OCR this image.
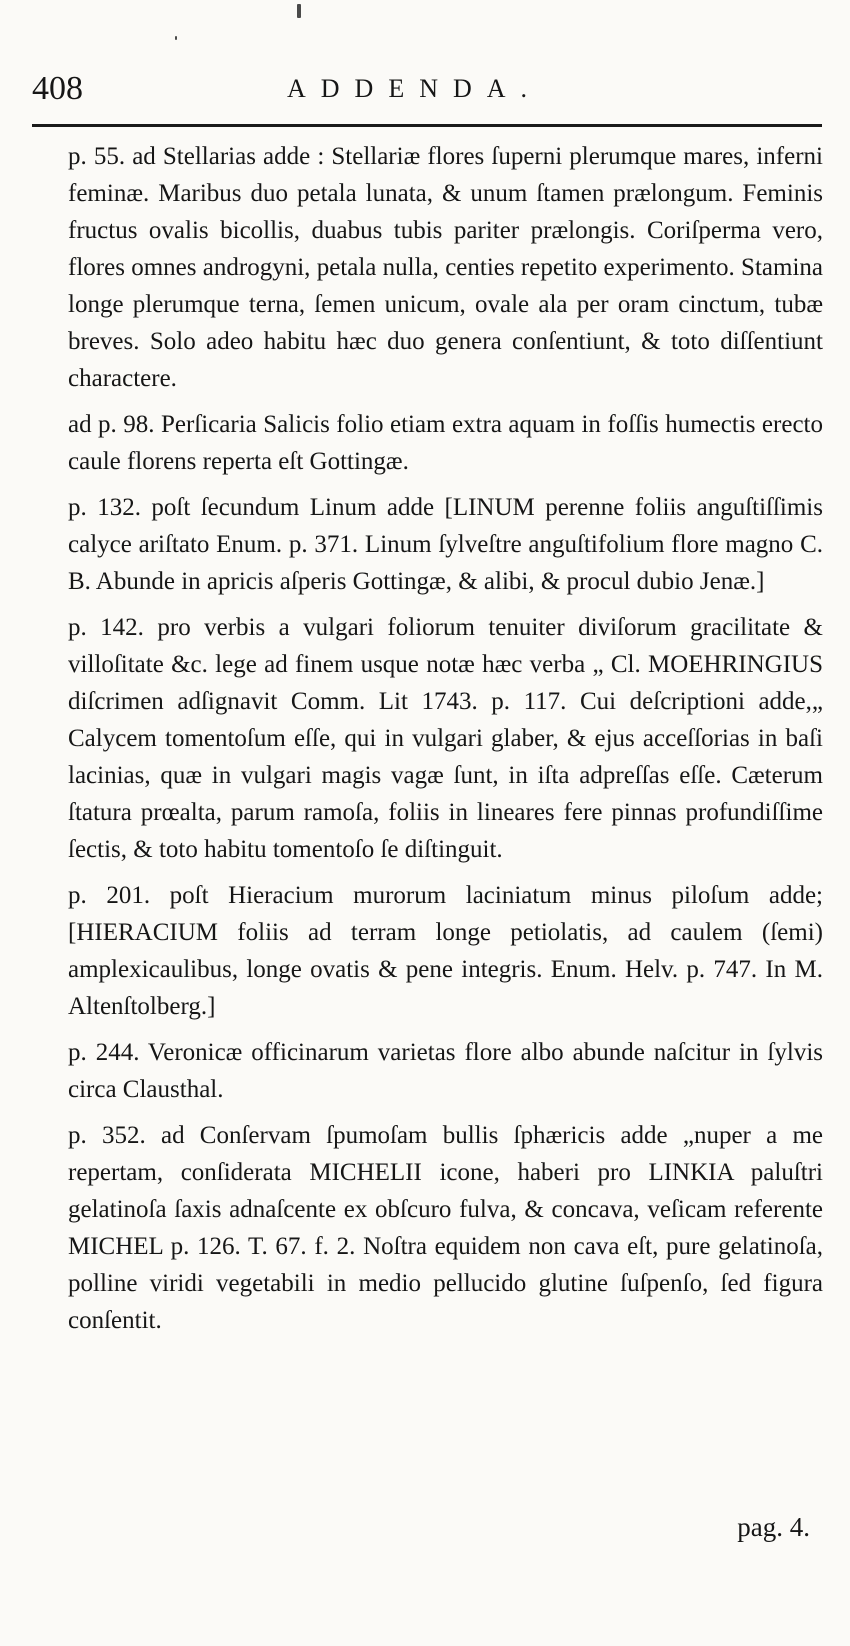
408	ADDENDA.

p. 55. ad Stellarias adde : Stellariæ flores ſuperni plerumque mares, inferni feminæ. Maribus duo petala lunata, & unum ſtamen prælongum. Feminis fructus ovalis bicollis, duabus tubis pariter prælongis. Coriſperma vero, flores omnes androgyni, petala nulla, centies repetito experimento. Stamina longe plerumque terna, ſemen unicum, ovale ala per oram cinctum, tubæ breves. Solo adeo habitu hæc duo genera conſentiunt, & toto diſſentiunt charactere.

ad p. 98. Perſicaria Salicis folio etiam extra aquam in foſſis humectis erecto caule florens reperta eſt Gottingæ.

p. 132. poſt ſecundum Linum adde [LINUM perenne foliis anguſtiſſimis calyce ariſtato Enum. p. 371. Linum ſylveſtre anguſtifolium flore magno C. B. Abunde in apricis aſperis Gottingæ, & alibi, & procul dubio Jenæ.]

p. 142. pro verbis a vulgari foliorum tenuiter diviſorum gracilitate & villoſitate &c. lege ad finem usque notæ hæc verba „ Cl. MOEHRINGIUS diſcrimen adſignavit Comm. Lit 1743. p. 117. Cui deſcriptioni adde,„ Calycem tomentoſum eſſe, qui in vulgari glaber, & ejus acceſſorias in baſi lacinias, quæ in vulgari magis vagæ ſunt, in iſta adpreſſas eſſe. Cæterum ſtatura prœalta, parum ramoſa, foliis in lineares fere pinnas profundiſſime ſectis, & toto habitu tomentoſo ſe diſtinguit.

p. 201. poſt Hieracium murorum laciniatum minus piloſum adde; [HIERACIUM foliis ad terram longe petiolatis, ad caulem (ſemi) amplexicaulibus, longe ovatis & pene integris. Enum. Helv. p. 747. In M. Altenſtolberg.]

p. 244. Veronicæ officinarum varietas flore albo abunde naſcitur in ſylvis circa Clausthal.

p. 352. ad Conſervam ſpumoſam bullis ſphæricis adde „nuper a me repertam, conſiderata MICHELII icone, haberi pro LINKIA paluſtri gelatinoſa ſaxis adnaſcente ex obſcuro fulva, & concava, veſicam referente MICHEL p. 126. T. 67. f. 2. Noſtra equidem non cava eſt, pure gelatinoſa, polline viridi vegetabili in medio pellucido glutine ſuſpenſo, ſed figura conſentit.

pag. 4.
